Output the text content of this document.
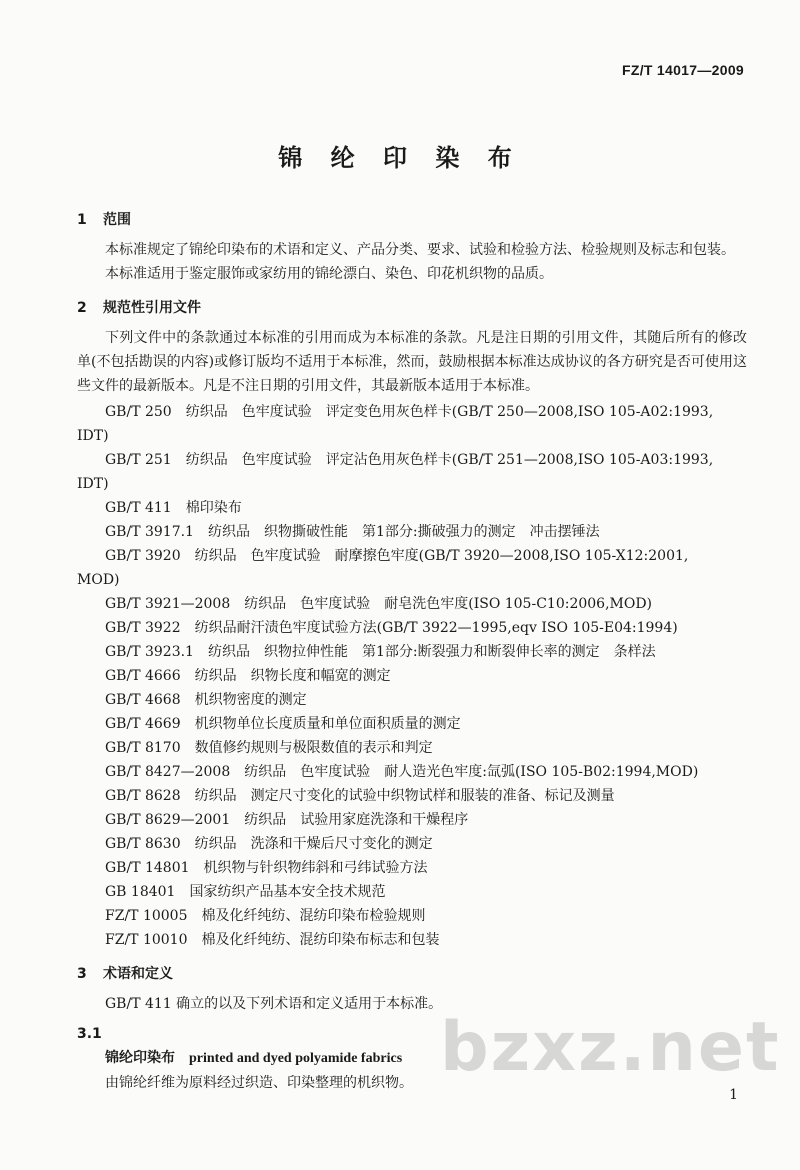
FZ/T 14017—2009
锦 纶 印 染 布
1 范围

本标准规定了锦纶印染布的术语和定义、产品分类、要求、试验和检验方法、检验规则及标志和包装。

本标准适用于鉴定服饰或家纺用的锦纶漂白、染色、印花机织物的品质。

2 规范性引用文件

下列文件中的条款通过本标准的引用而成为本标准的条款。凡是注日期的引用文件，其随后所有的修改单(不包括勘误的内容)或修订版均不适用于本标准，然而，鼓励根据本标准达成协议的各方研究是否可使用这些文件的最新版本。凡是不注日期的引用文件，其最新版本适用于本标准。

GB/T 250　纺织品　色牢度试验　评定变色用灰色样卡(GB/T 250—2008,ISO 105-A02:1993,
IDT)
GB/T 251　纺织品　色牢度试验　评定沾色用灰色样卡(GB/T 251—2008,ISO 105-A03:1993,
IDT)
GB/T 411　棉印染布
GB/T 3917.1　纺织品　织物撕破性能　第1部分:撕破强力的测定　冲击摆锤法
GB/T 3920　纺织品　色牢度试验　耐摩擦色牢度(GB/T 3920—2008,ISO 105-X12:2001,
MOD)
GB/T 3921—2008　纺织品　色牢度试验　耐皂洗色牢度(ISO 105-C10:2006,MOD)
GB/T 3922　纺织品耐汗渍色牢度试验方法(GB/T 3922—1995,eqv ISO 105-E04:1994)
GB/T 3923.1　纺织品　织物拉伸性能　第1部分:断裂强力和断裂伸长率的测定　条样法
GB/T 4666　纺织品　织物长度和幅宽的测定
GB/T 4668　机织物密度的测定
GB/T 4669　机织物单位长度质量和单位面积质量的测定
GB/T 8170　数值修约规则与极限数值的表示和判定
GB/T 8427—2008　纺织品　色牢度试验　耐人造光色牢度:氙弧(ISO 105-B02:1994,MOD)
GB/T 8628　纺织品　测定尺寸变化的试验中织物试样和服装的准备、标记及测量
GB/T 8629—2001　纺织品　试验用家庭洗涤和干燥程序
GB/T 8630　纺织品　洗涤和干燥后尺寸变化的测定
GB/T 14801　机织物与针织物纬斜和弓纬试验方法
GB 18401　国家纺织产品基本安全技术规范
FZ/T 10005　棉及化纤纯纺、混纺印染布检验规则
FZ/T 10010　棉及化纤纯纺、混纺印染布标志和包装
3 术语和定义

GB/T 411 确立的以及下列术语和定义适用于本标准。

3.1
锦纶印染布 printed and dyed polyamide fabrics
由锦纶纤维为原料经过织造、印染整理的机织物。 bzxz.net
1
